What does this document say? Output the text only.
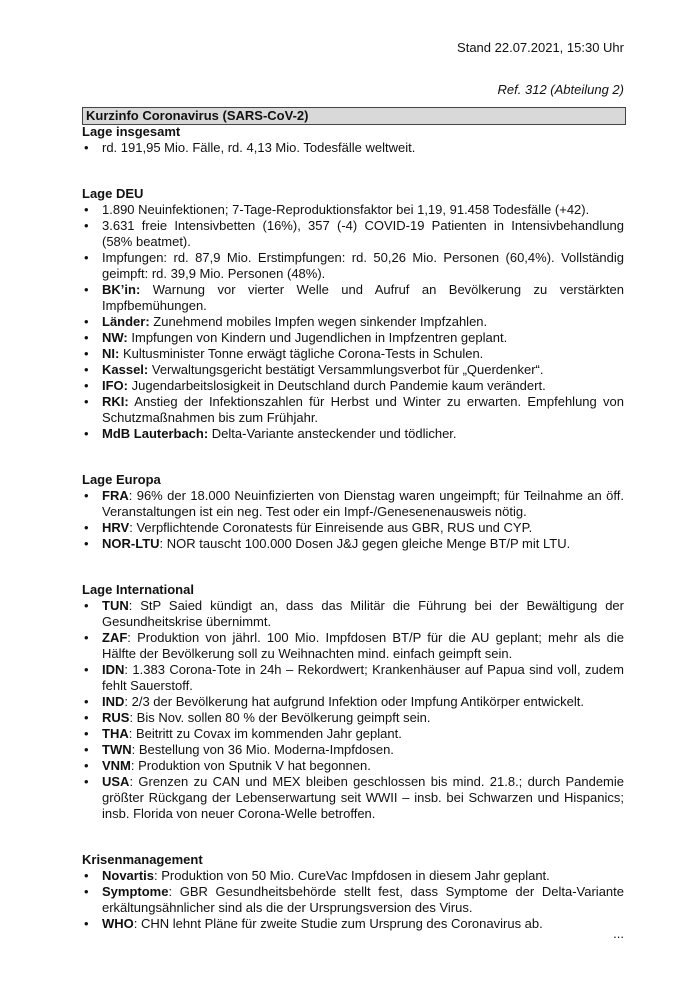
Stand 22.07.2021, 15:30 Uhr
Ref. 312 (Abteilung 2)
Kurzinfo Coronavirus (SARS-CoV-2)
Lage insgesamt
• rd. 191,95 Mio. Fälle, rd. 4,13 Mio. Todesfälle weltweit.
Lage DEU
• 1.890 Neuinfektionen; 7-Tage-Reproduktionsfaktor bei 1,19, 91.458 Todesfälle (+42).
• 3.631 freie Intensivbetten (16%), 357 (-4) COVID-19 Patienten in Intensivbehandlung (58% beatmet).
• Impfungen: rd. 87,9 Mio. Erstimpfungen: rd. 50,26 Mio. Personen (60,4%). Vollständig geimpft: rd. 39,9 Mio. Personen (48%).
• BK’in: Warnung vor vierter Welle und Aufruf an Bevölkerung zu verstärkten Impfbemühungen.
• Länder: Zunehmend mobiles Impfen wegen sinkender Impfzahlen.
• NW: Impfungen von Kindern und Jugendlichen in Impfzentren geplant.
• NI: Kultusminister Tonne erwägt tägliche Corona-Tests in Schulen.
• Kassel: Verwaltungsgericht bestätigt Versammlungsverbot für „Querdenker“.
• IFO: Jugendarbeitslosigkeit in Deutschland durch Pandemie kaum verändert.
• RKI: Anstieg der Infektionszahlen für Herbst und Winter zu erwarten. Empfehlung von Schutzmaßnahmen bis zum Frühjahr.
• MdB Lauterbach: Delta-Variante ansteckender und tödlicher.
Lage Europa
• FRA: 96% der 18.000 Neuinfizierten von Dienstag waren ungeimpft; für Teilnahme an öff. Veranstaltungen ist ein neg. Test oder ein Impf-/Genesenenausweis nötig.
• HRV: Verpflichtende Coronatests für Einreisende aus GBR, RUS und CYP.
• NOR-LTU: NOR tauscht 100.000 Dosen J&J gegen gleiche Menge BT/P mit LTU.
Lage International
• TUN: StP Saied kündigt an, dass das Militär die Führung bei der Bewältigung der Gesundheitskrise übernimmt.
• ZAF: Produktion von jährl. 100 Mio. Impfdosen BT/P für die AU geplant; mehr als die Hälfte der Bevölkerung soll zu Weihnachten mind. einfach geimpft sein.
• IDN: 1.383 Corona-Tote in 24h – Rekordwert; Krankenhäuser auf Papua sind voll, zudem fehlt Sauerstoff.
• IND: 2/3 der Bevölkerung hat aufgrund Infektion oder Impfung Antikörper entwickelt.
• RUS: Bis Nov. sollen 80 % der Bevölkerung geimpft sein.
• THA: Beitritt zu Covax im kommenden Jahr geplant.
• TWN: Bestellung von 36 Mio. Moderna-Impfdosen.
• VNM: Produktion von Sputnik V hat begonnen.
• USA: Grenzen zu CAN und MEX bleiben geschlossen bis mind. 21.8.; durch Pandemie größter Rückgang der Lebenserwartung seit WWII – insb. bei Schwarzen und Hispanics; insb. Florida von neuer Corona-Welle betroffen.
Krisenmanagement
• Novartis: Produktion von 50 Mio. CureVac Impfdosen in diesem Jahr geplant.
• Symptome: GBR Gesundheitsbehörde stellt fest, dass Symptome der Delta-Variante erkältungsähnlicher sind als die der Ursprungsversion des Virus.
• WHO: CHN lehnt Pläne für zweite Studie zum Ursprung des Coronavirus ab.
...
